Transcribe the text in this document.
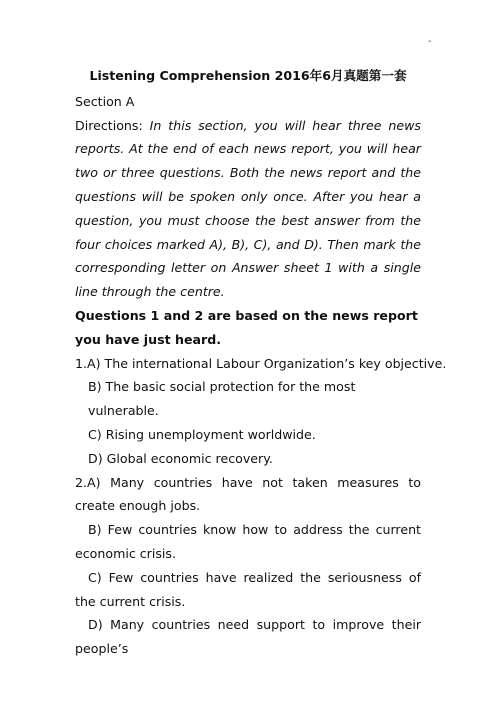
-

Listening Comprehension 2016年6月真题第一套

Section A

Directions: In this section, you will hear three news reports. At the end of each news report, you will hear two or three questions. Both the news report and the questions will be spoken only once. After you hear a question, you must choose the best answer from the four choices marked A), B), C), and D). Then mark the corresponding letter on Answer sheet 1 with a single line through the centre.

Questions 1 and 2 are based on the news report you have just heard.

1.A) The international Labour Organization’s key objective.

B) The basic social protection for the most vulnerable.

C) Rising unemployment worldwide.

D) Global economic recovery.

2.A) Many countries have not taken measures to create enough jobs.

B) Few countries know how to address the current economic crisis.

C) Few countries have realized the seriousness of the current crisis.

D) Many countries need support to improve their people’s
